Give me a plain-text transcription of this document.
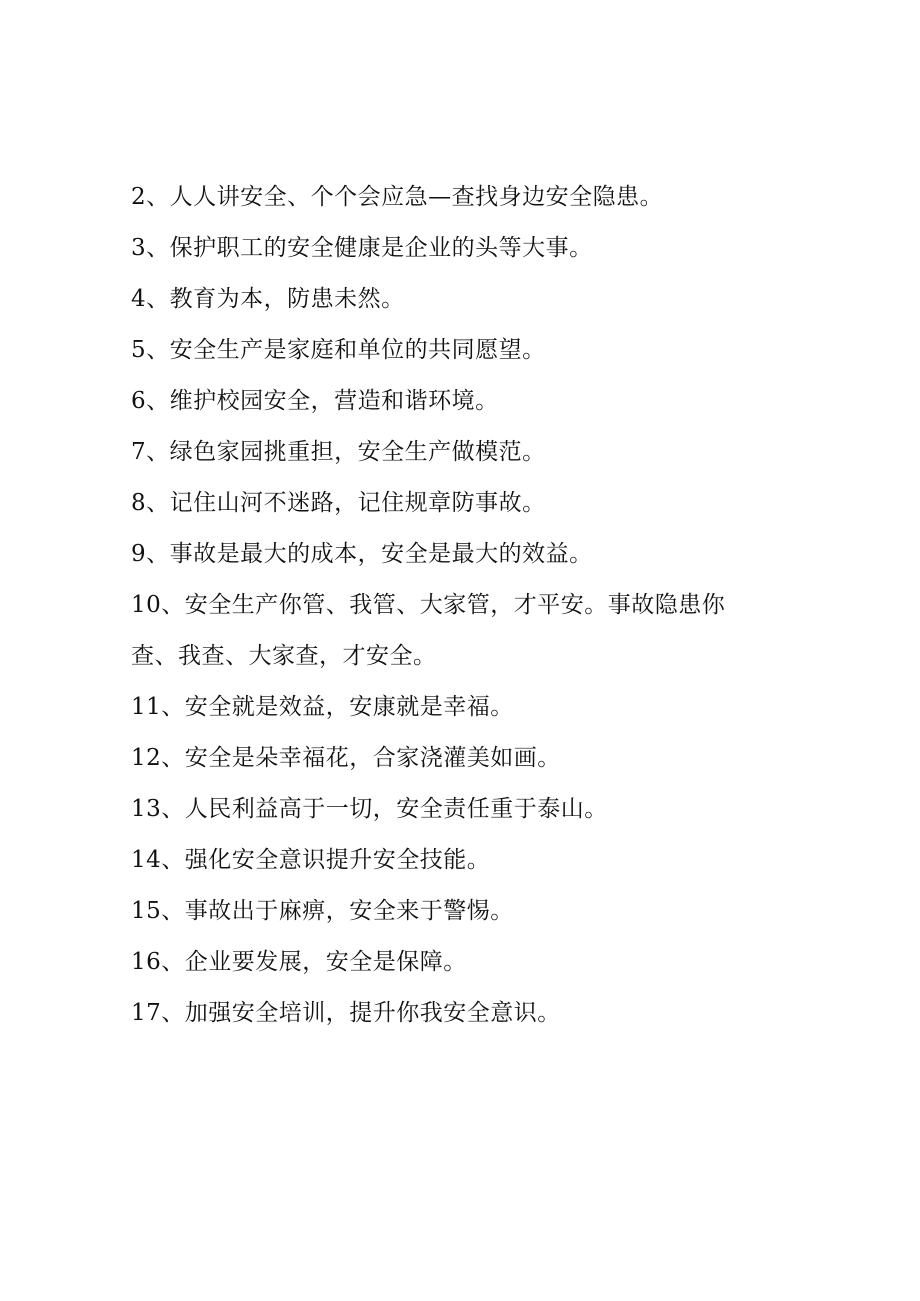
2、人人讲安全、个个会应急—查找身边安全隐患。
3、保护职工的安全健康是企业的头等大事。
4、教育为本，防患未然。
5、安全生产是家庭和单位的共同愿望。
6、维护校园安全，营造和谐环境。
7、绿色家园挑重担，安全生产做模范。
8、记住山河不迷路，记住规章防事故。
9、事故是最大的成本，安全是最大的效益。
10、安全生产你管、我管、大家管，才平安。事故隐患你
查、我查、大家查，才安全。
11、安全就是效益，安康就是幸福。
12、安全是朵幸福花，合家浇灌美如画。
13、人民利益高于一切，安全责任重于泰山。
14、强化安全意识提升安全技能。
15、事故出于麻痹，安全来于警惕。
16、企业要发展，安全是保障。
17、加强安全培训，提升你我安全意识。
